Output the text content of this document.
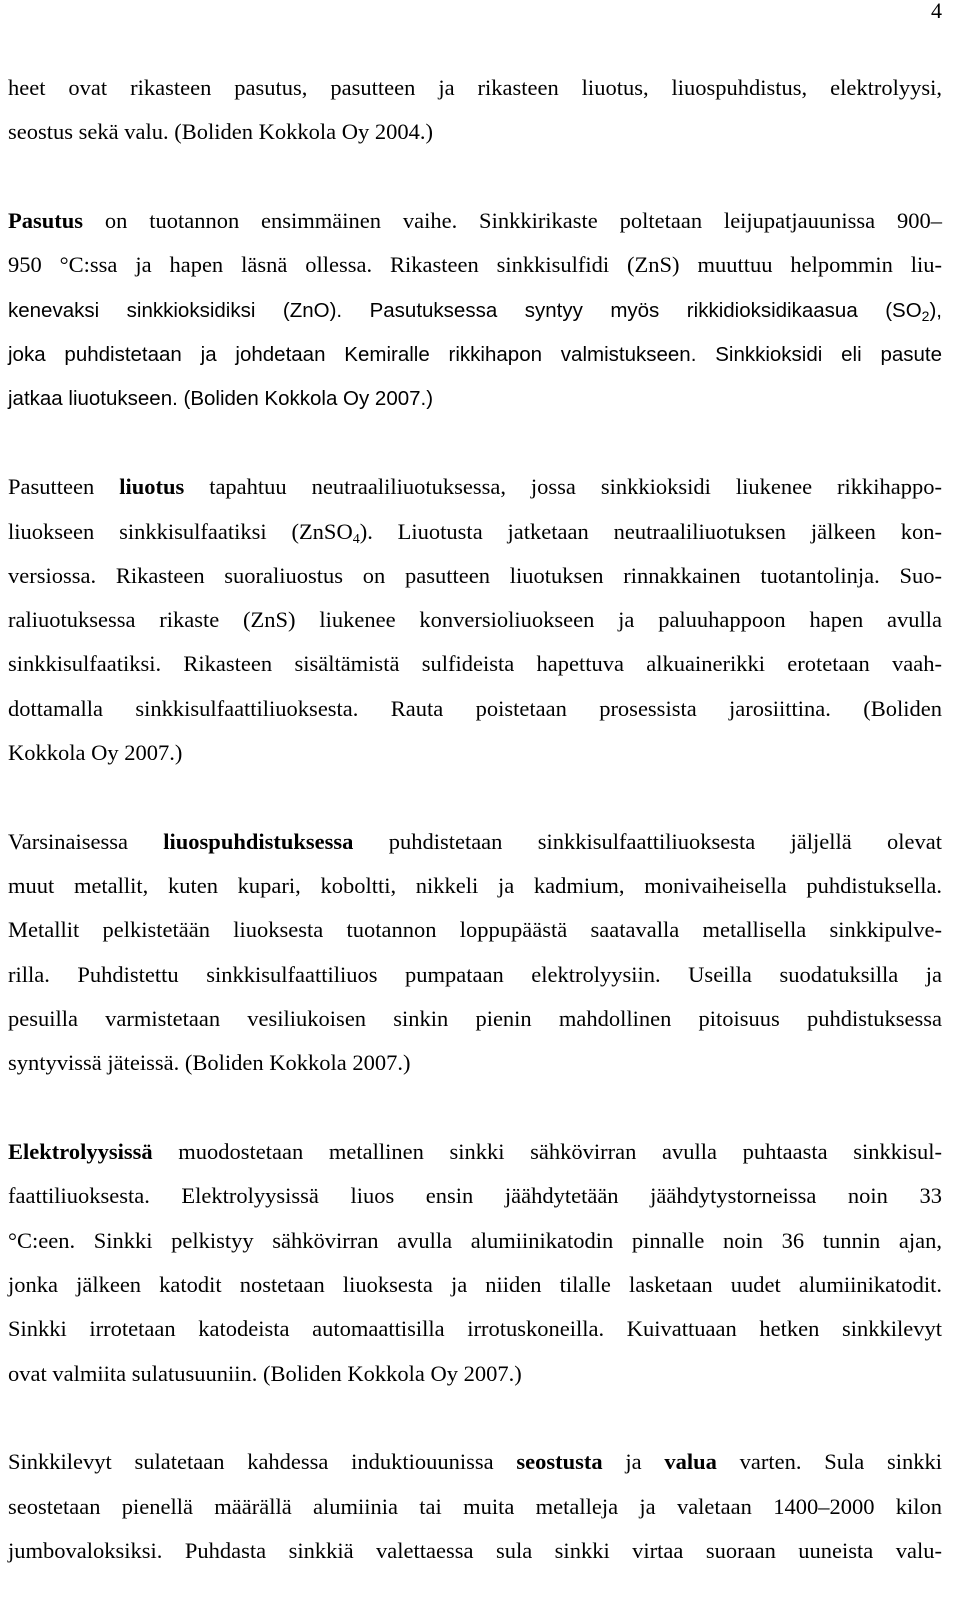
4
heet ovat rikasteen pasutus, pasutteen ja rikasteen liuotus, liuospuhdistus, elektrolyysi,
seostus sekä valu. (Boliden Kokkola Oy 2004.)
Pasutus on tuotannon ensimmäinen vaihe. Sinkkirikaste poltetaan leijupatjauunissa 900–
950 °C:ssa ja hapen läsnä ollessa. Rikasteen sinkkisulfidi (ZnS) muuttuu helpommin liu-
kenevaksi sinkkioksidiksi (ZnO). Pasutuksessa syntyy myös rikkidioksidikaasua $(SO_2)$,
joka puhdistetaan ja johdetaan Kemiralle rikkihapon valmistukseen. Sinkkioksidi eli pasute
jatkaa liuotukseen. (Boliden Kokkola Oy 2007.)
Pasutteen liuotus tapahtuu neutraaliliuotuksessa, jossa sinkkioksidi liukenee rikkihappo-
liuokseen sinkkisulfaatiksi (ZnSO$_4$). Liuotusta jatketaan neutraaliliuotuksen jälkeen kon-
versiossa. Rikasteen suoraliuostus on pasutteen liuotuksen rinnakkainen tuotantolinja. Suo-
raliuotuksessa rikaste (ZnS) liukenee konversioliuokseen ja paluuhappoon hapen avulla
sinkkisulfaatiksi. Rikasteen sisältämistä sulfideista hapettuva alkuainerikki erotetaan vaah-
dottamalla sinkkisulfaattiliuoksesta. Rauta poistetaan prosessista jarosiittina. (Boliden
Kokkola Oy 2007.)
Varsinaisessa liuospuhdistuksessa puhdistetaan sinkkisulfaattiliuoksesta jäljellä olevat
muut metallit, kuten kupari, koboltti, nikkeli ja kadmium, monivaiheisella puhdistuksella.
Metallit pelkistetään liuoksesta tuotannon loppupäästä saatavalla metallisella sinkkipulve-
rilla. Puhdistettu sinkkisulfaattiliuos pumpataan elektrolyysiin. Useilla suodatuksilla ja
pesuilla varmistetaan vesiliukoisen sinkin pienin mahdollinen pitoisuus puhdistuksessa
syntyvissä jäteissä. (Boliden Kokkola 2007.)
Elektrolyysissä muodostetaan metallinen sinkki sähkövirran avulla puhtaasta sinkkisul-
faattiliuoksesta. Elektrolyysissä liuos ensin jäähdytetään jäähdytystorneissa noin 33
°C:een. Sinkki pelkistyy sähkövirran avulla alumiinikatodin pinnalle noin 36 tunnin ajan,
jonka jälkeen katodit nostetaan liuoksesta ja niiden tilalle lasketaan uudet alumiinikatodit.
Sinkki irrotetaan katodeista automaattisilla irrotuskoneilla. Kuivattuaan hetken sinkkilevyt
ovat valmiita sulatusuuniin. (Boliden Kokkola Oy 2007.)
Sinkkilevyt sulatetaan kahdessa induktiouunissa seostusta ja valua varten. Sula sinkki
seostetaan pienellä määrällä alumiinia tai muita metalleja ja valetaan 1400–2000 kilon
jumbovaloksiksi. Puhdasta sinkkiä valettaessa sula sinkki virtaa suoraan uuneista valu-
